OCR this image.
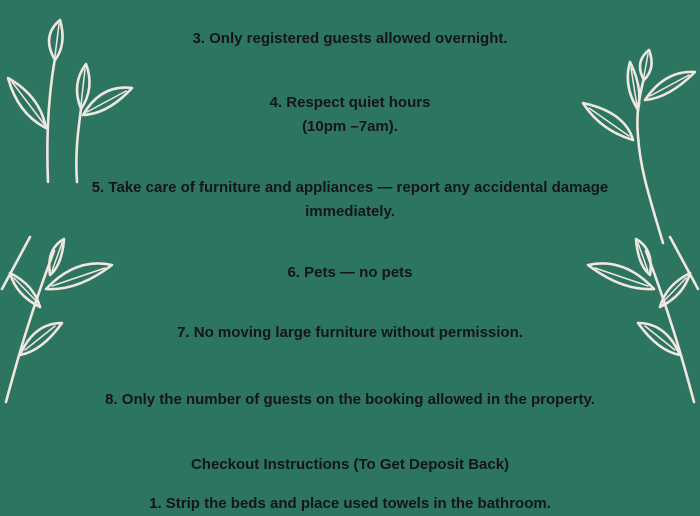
3. Only registered guests allowed overnight.

4. Respect quiet hours

(10pm –7am).

5. Take care of furniture and appliances — report any accidental damage

immediately.

6. Pets — no pets

7. No moving large furniture without permission.

8. Only the number of guests on the booking allowed in the property.

Checkout Instructions (To Get Deposit Back)

1. Strip the beds and place used towels in the bathroom.
